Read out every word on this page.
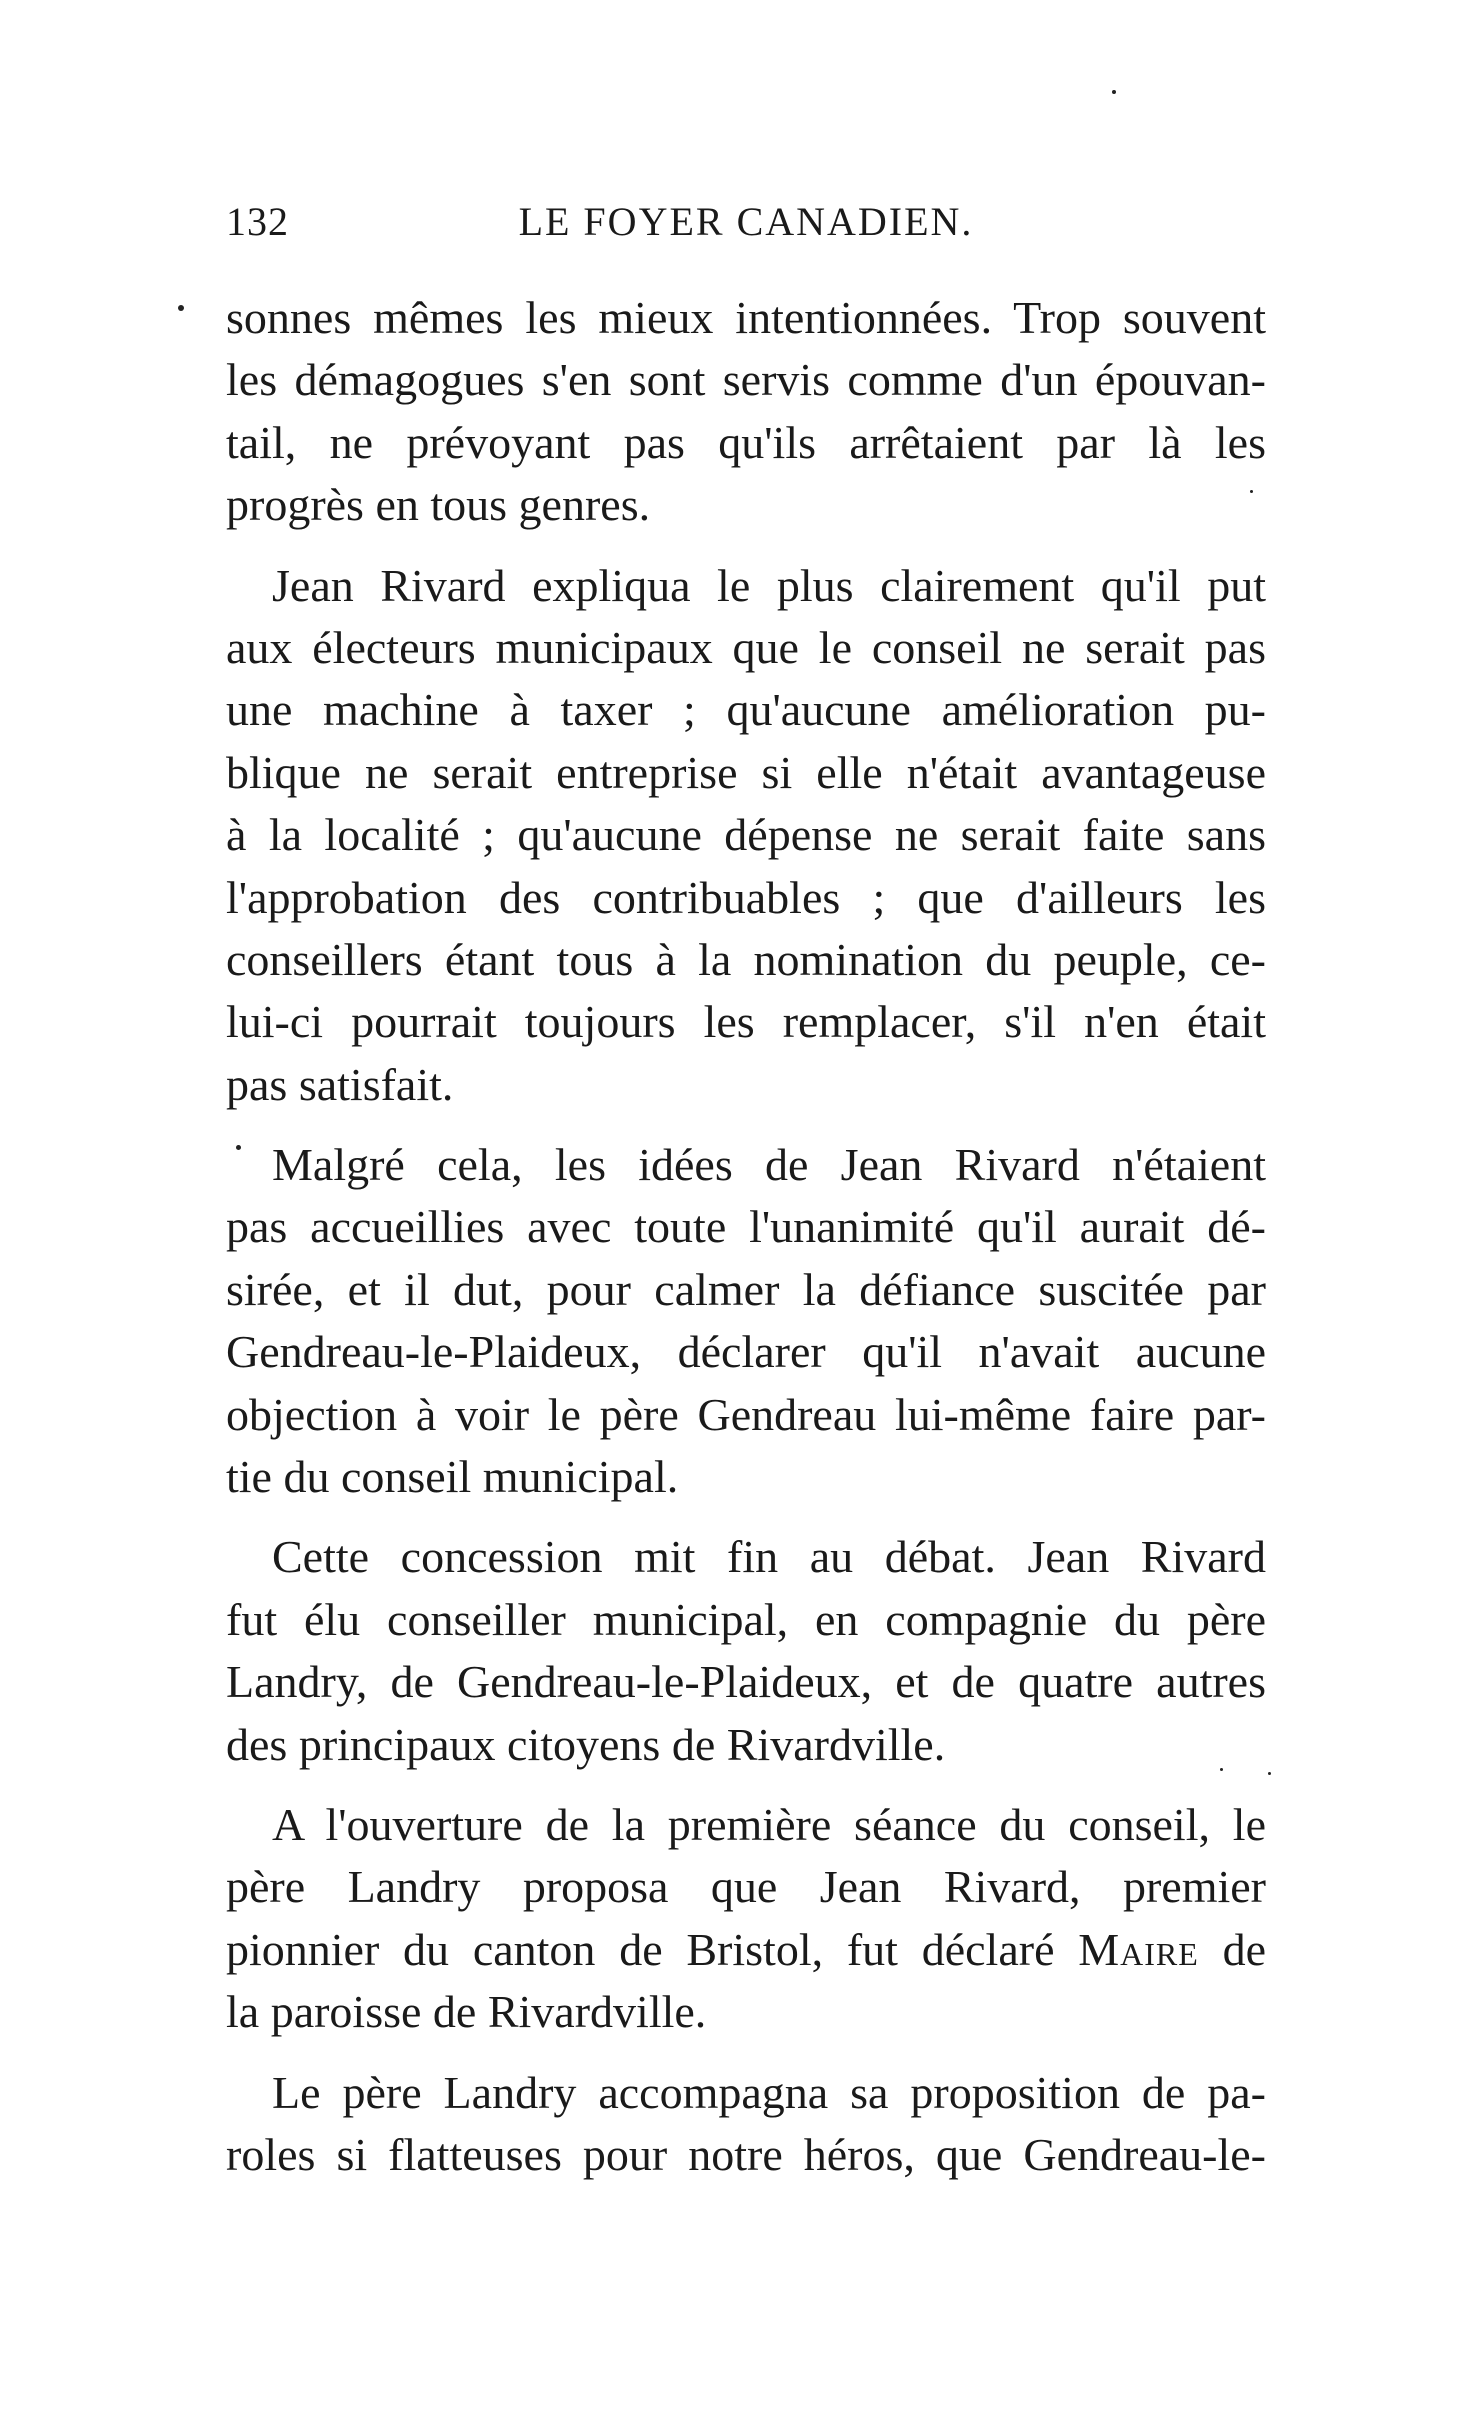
132	LE FOYER CANADIEN.
sonnes mêmes les mieux intentionnées. Trop souvent
les démagogues s'en sont servis comme d'un épouvan-
tail, ne prévoyant pas qu'ils arrêtaient par là les
progrès en tous genres.
Jean Rivard expliqua le plus clairement qu'il put
aux électeurs municipaux que le conseil ne serait pas
une machine à taxer ; qu'aucune amélioration pu-
blique ne serait entreprise si elle n'était avantageuse
à la localité ; qu'aucune dépense ne serait faite sans
l'approbation des contribuables ; que d'ailleurs les
conseillers étant tous à la nomination du peuple, ce-
lui-ci pourrait toujours les remplacer, s'il n'en était
pas satisfait.
Malgré cela, les idées de Jean Rivard n'étaient
pas accueillies avec toute l'unanimité qu'il aurait dé-
sirée, et il dut, pour calmer la défiance suscitée par
Gendreau-le-Plaideux, déclarer qu'il n'avait aucune
objection à voir le père Gendreau lui-même faire par-
tie du conseil municipal.
Cette concession mit fin au débat. Jean Rivard
fut élu conseiller municipal, en compagnie du père
Landry, de Gendreau-le-Plaideux, et de quatre autres
des principaux citoyens de Rivardville.
A l'ouverture de la première séance du conseil, le
père Landry proposa que Jean Rivard, premier
pionnier du canton de Bristol, fut déclaré Maire de
la paroisse de Rivardville.
Le père Landry accompagna sa proposition de pa-
roles si flatteuses pour notre héros, que Gendreau-le-
